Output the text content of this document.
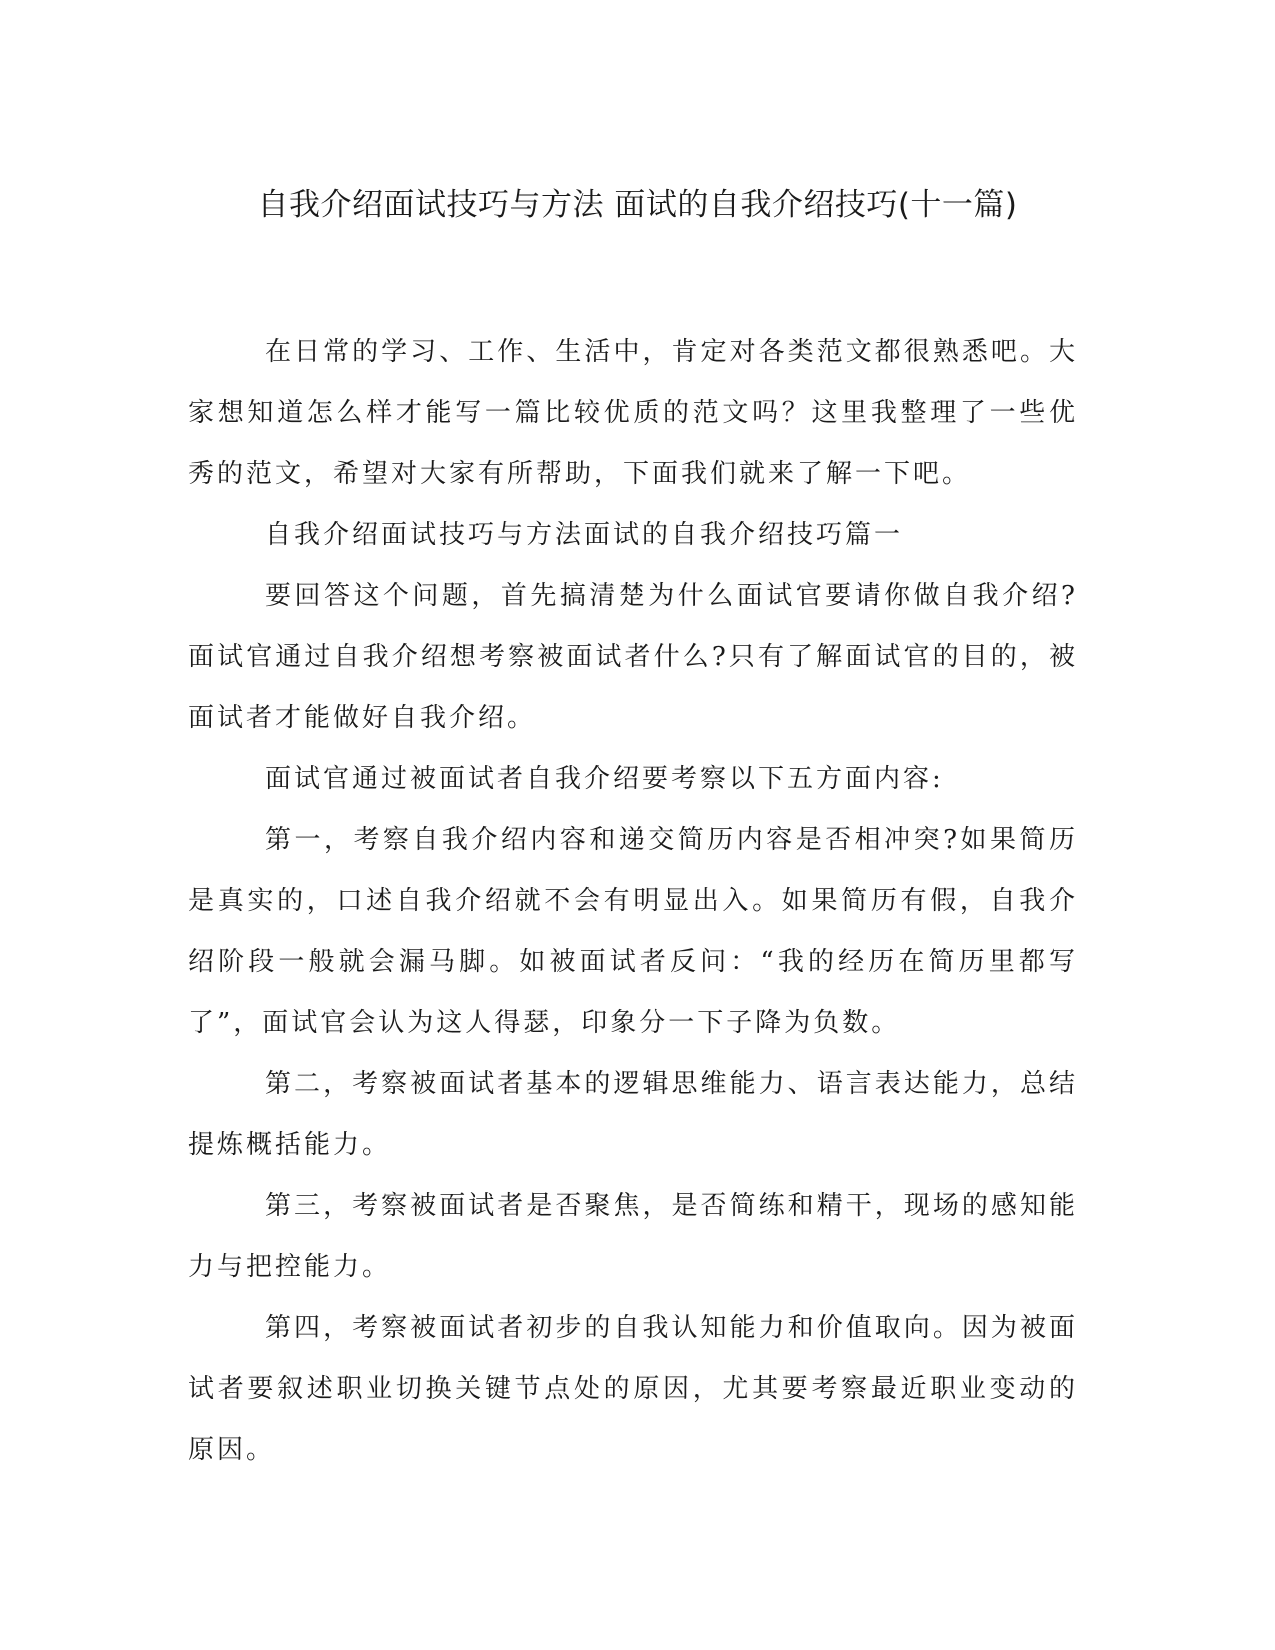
自我介绍面试技巧与方法 面试的自我介绍技巧(十一篇)

在日常的学习、工作、生活中，肯定对各类范文都很熟悉吧。大家想知道怎么样才能写一篇比较优质的范文吗？这里我整理了一些优秀的范文，希望对大家有所帮助，下面我们就来了解一下吧。

自我介绍面试技巧与方法面试的自我介绍技巧篇一

要回答这个问题，首先搞清楚为什么面试官要请你做自我介绍?面试官通过自我介绍想考察被面试者什么?只有了解面试官的目的，被面试者才能做好自我介绍。

面试官通过被面试者自我介绍要考察以下五方面内容:

第一，考察自我介绍内容和递交简历内容是否相冲突?如果简历是真实的，口述自我介绍就不会有明显出入。如果简历有假，自我介绍阶段一般就会漏马脚。如被面试者反问：“我的经历在简历里都写了”，面试官会认为这人得瑟，印象分一下子降为负数。

第二，考察被面试者基本的逻辑思维能力、语言表达能力，总结提炼概括能力。

第三，考察被面试者是否聚焦，是否简练和精干，现场的感知能力与把控能力。

第四，考察被面试者初步的自我认知能力和价值取向。因为被面试者要叙述职业切换关键节点处的原因，尤其要考察最近职业变动的原因。
